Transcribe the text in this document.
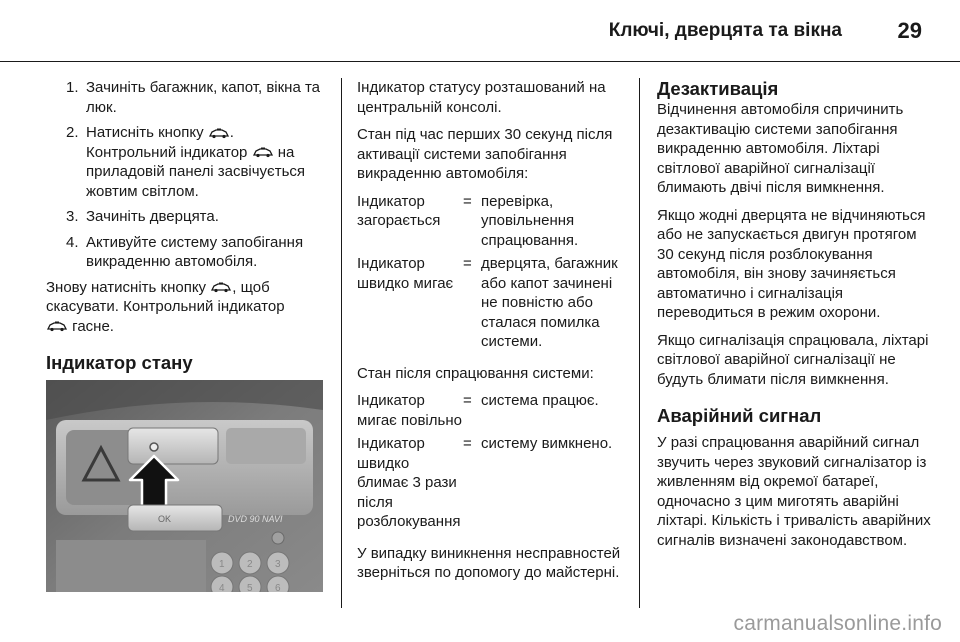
Ключі, дверцята та вікна	29
1. Зачиніть багажник, капот, вікна та люк.
2. Натисніть кнопку .
Контрольний індикатор на приладовій панелі засвічується жовтим світлом.
3. Зачиніть дверцята.
4. Активуйте систему запобігання викраденню автомобіля.

Знову натисніть кнопку , щоб скасувати. Контрольний індикатор
гасне.

Індикатор стану
OK	DVD 90 NAVI
1 2 3
4 5 6

Індикатор статусу розташований на центральній консолі.

Стан під час перших 30 секунд після активації системи запобігання викраденню автомобіля:

Індикатор загорається
= перевірка, уповільнення спрацювання.
Індикатор швидко мигає
= дверцята, багажник або капот зачинені не повністю або сталася помилка системи.

Стан після спрацювання системи:

Індикатор мигає повільно
= система працює.
Індикатор швидко блимає 3 рази після розблокування
= систему вимкнено.

У випадку виникнення несправностей зверніться по допомогу до майстерні.

Дезактивація

Відчинення автомобіля спричинить дезактивацію системи запобігання викраденню автомобіля. Ліхтарі світлової аварійної сигналізації блимають двічі після вимкнення.

Якщо жодні дверцята не відчиняються або не запускається двигун протягом 30 секунд після розблокування автомобіля, він знову зачиняється автоматично і сигналізація переводиться в режим охорони.

Якщо сигналізація спрацювала, ліхтарі світлової аварійної сигналізації не будуть блимати після вимкнення.

Аварійний сигнал

У разі спрацювання аварійний сигнал звучить через звуковий сигналізатор із живленням від окремої батареї, одночасно з цим миготять аварійні ліхтарі. Кількість і тривалість аварійних сигналів визначені законодавством.

carmanualsonline.info
